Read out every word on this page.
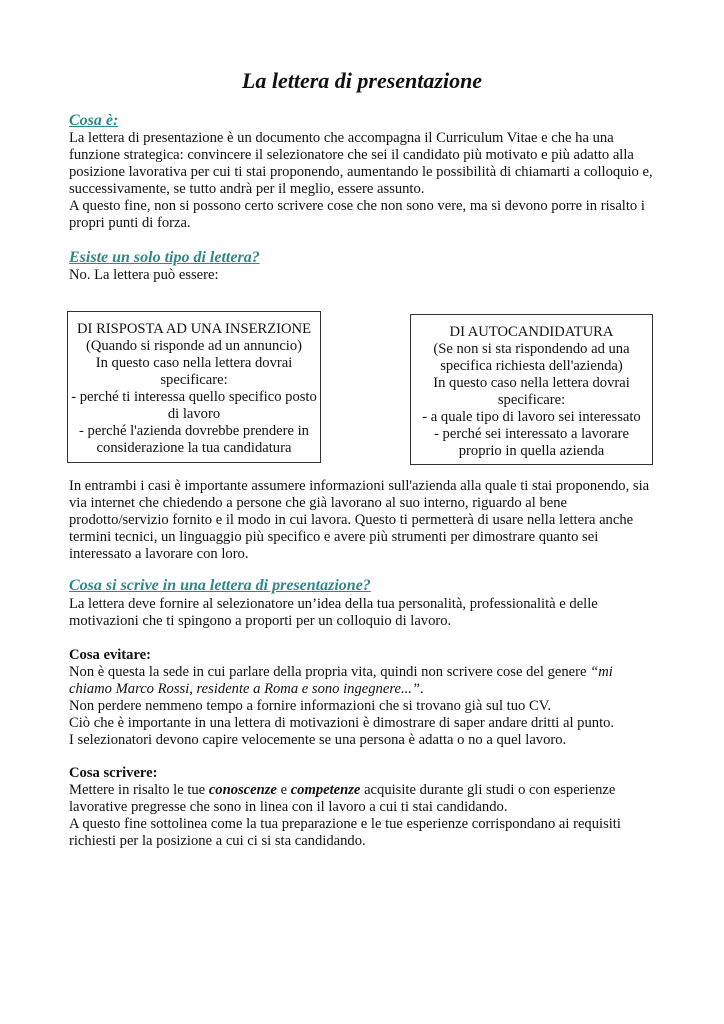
La lettera di presentazione
Cosa è:

La lettera di presentazione è un documento che accompagna il Curriculum Vitae e che ha una funzione strategica: convincere il selezionatore che sei il candidato più motivato e più adatto alla posizione lavorativa per cui ti stai proponendo, aumentando le possibilità di chiamarti a colloquio e, successivamente, se tutto andrà per il meglio, essere assunto.

A questo fine, non si possono certo scrivere cose che non sono vere, ma si devono porre in risalto i propri punti di forza.

Esiste un solo tipo di lettera?
No. La lettera può essere:

DI RISPOSTA AD UNA INSERZIONE

(Quando si risponde ad un annuncio)

In questo caso nella lettera dovrai specificare:

- perché ti interessa quello specifico posto di lavoro

- perché l'azienda dovrebbe prendere in considerazione la tua candidatura

DI AUTOCANDIDATURA

(Se non si sta rispondendo ad una specifica richiesta dell'azienda)

In questo caso nella lettera dovrai specificare:

- a quale tipo di lavoro sei interessato

- perché sei interessato a lavorare proprio in quella azienda

In entrambi i casi è importante assumere informazioni sull'azienda alla quale ti stai proponendo, sia via internet che chiedendo a persone che già lavorano al suo interno, riguardo al bene prodotto/servizio fornito e il modo in cui lavora. Questo ti permetterà di usare nella lettera anche termini tecnici, un linguaggio più specifico e avere più strumenti per dimostrare quanto sei interessato a lavorare con loro.
Cosa si scrive in una lettera di presentazione?
La lettera deve fornire al selezionatore un’idea della tua personalità, professionalità e delle motivazioni che ti spingono a proporti per un colloquio di lavoro.
Cosa evitare:

Non è questa la sede in cui parlare della propria vita, quindi non scrivere cose del genere “mi chiamo Marco Rossi, residente a Roma e sono ingegnere...”.

Non perdere nemmeno tempo a fornire informazioni che si trovano già sul tuo CV.

Ciò che è importante in una lettera di motivazioni è dimostrare di saper andare dritti al punto.

I selezionatori devono capire velocemente se una persona è adatta o no a quel lavoro.

Cosa scrivere:

Mettere in risalto le tue conoscenze e competenze acquisite durante gli studi o con esperienze lavorative pregresse che sono in linea con il lavoro a cui ti stai candidando.

A questo fine sottolinea come la tua preparazione e le tue esperienze corrispondano ai requisiti richiesti per la posizione a cui ci si sta candidando.
